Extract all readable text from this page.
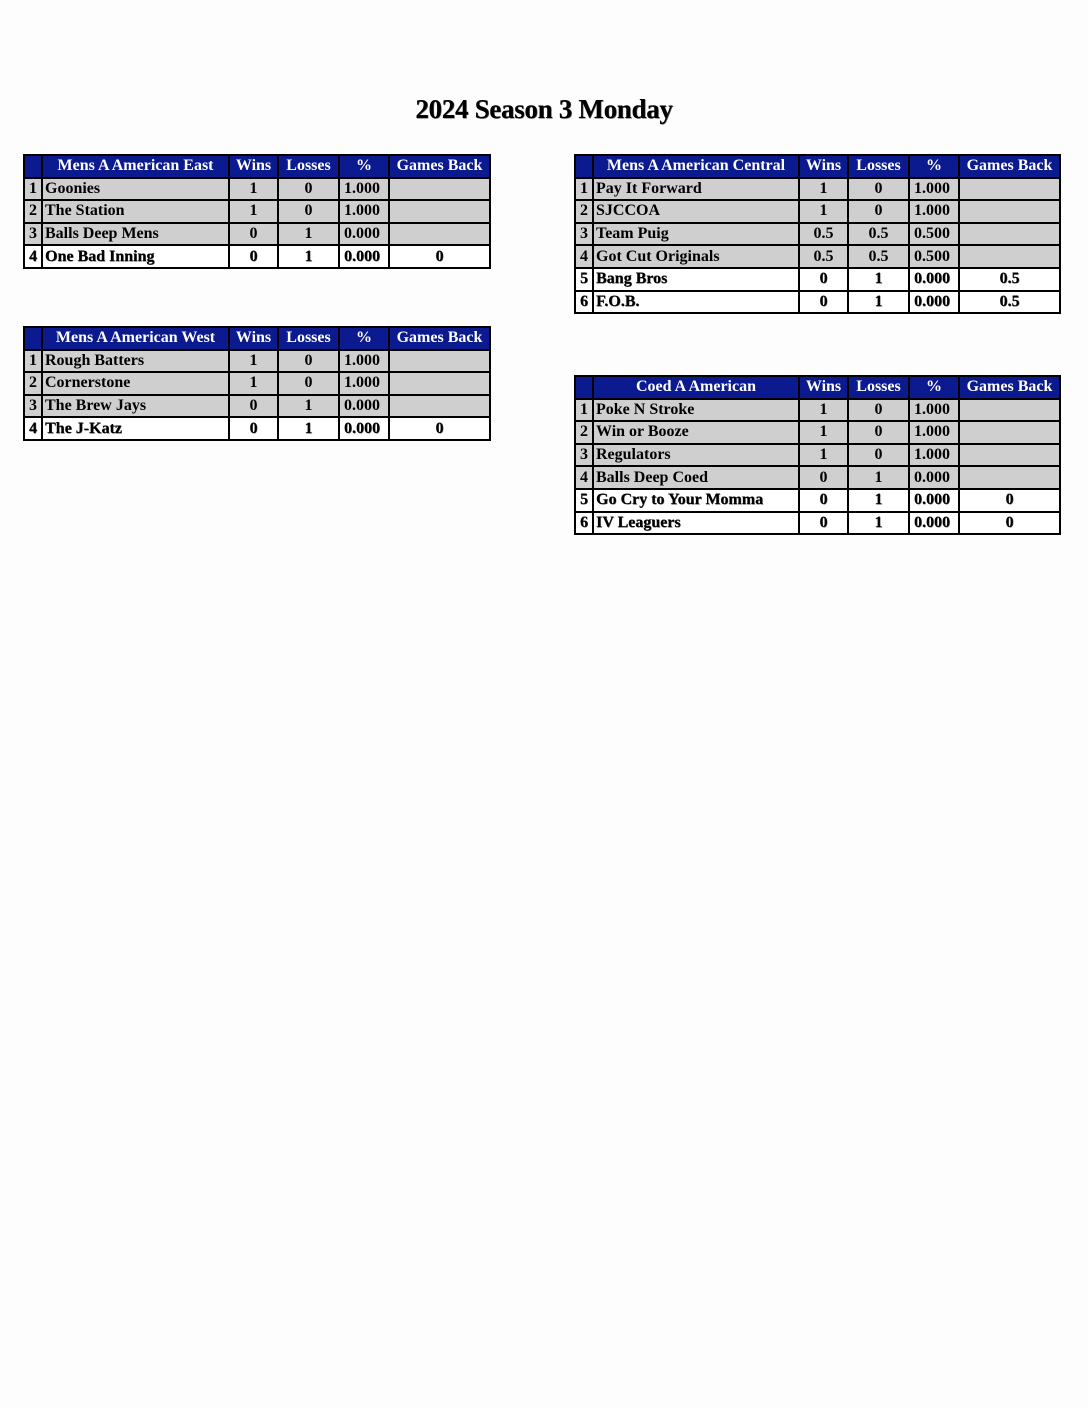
2024 Season 3 Monday
	Mens A American East	Wins	Losses	%	Games Back
1	Goonies	1	0	1.000	
2	The Station	1	0	1.000	
3	Balls Deep Mens	0	1	0.000	
4	One Bad Inning	0	1	0.000	0
	Mens A American West	Wins	Losses	%	Games Back
1	Rough Batters	1	0	1.000	
2	Cornerstone	1	0	1.000	
3	The Brew Jays	0	1	0.000	
4	The J-Katz	0	1	0.000	0
	Mens A American Central	Wins	Losses	%	Games Back
1	Pay It Forward	1	0	1.000	
2	SJCCOA	1	0	1.000	
3	Team Puig	0.5	0.5	0.500	
4	Got Cut Originals	0.5	0.5	0.500	
5	Bang Bros	0	1	0.000	0.5
6	F.O.B.	0	1	0.000	0.5
	Coed A American	Wins	Losses	%	Games Back
1	Poke N Stroke	1	0	1.000	
2	Win or Booze	1	0	1.000	
3	Regulators	1	0	1.000	
4	Balls Deep Coed	0	1	0.000	
5	Go Cry to Your Momma	0	1	0.000	0
6	IV Leaguers	0	1	0.000	0
